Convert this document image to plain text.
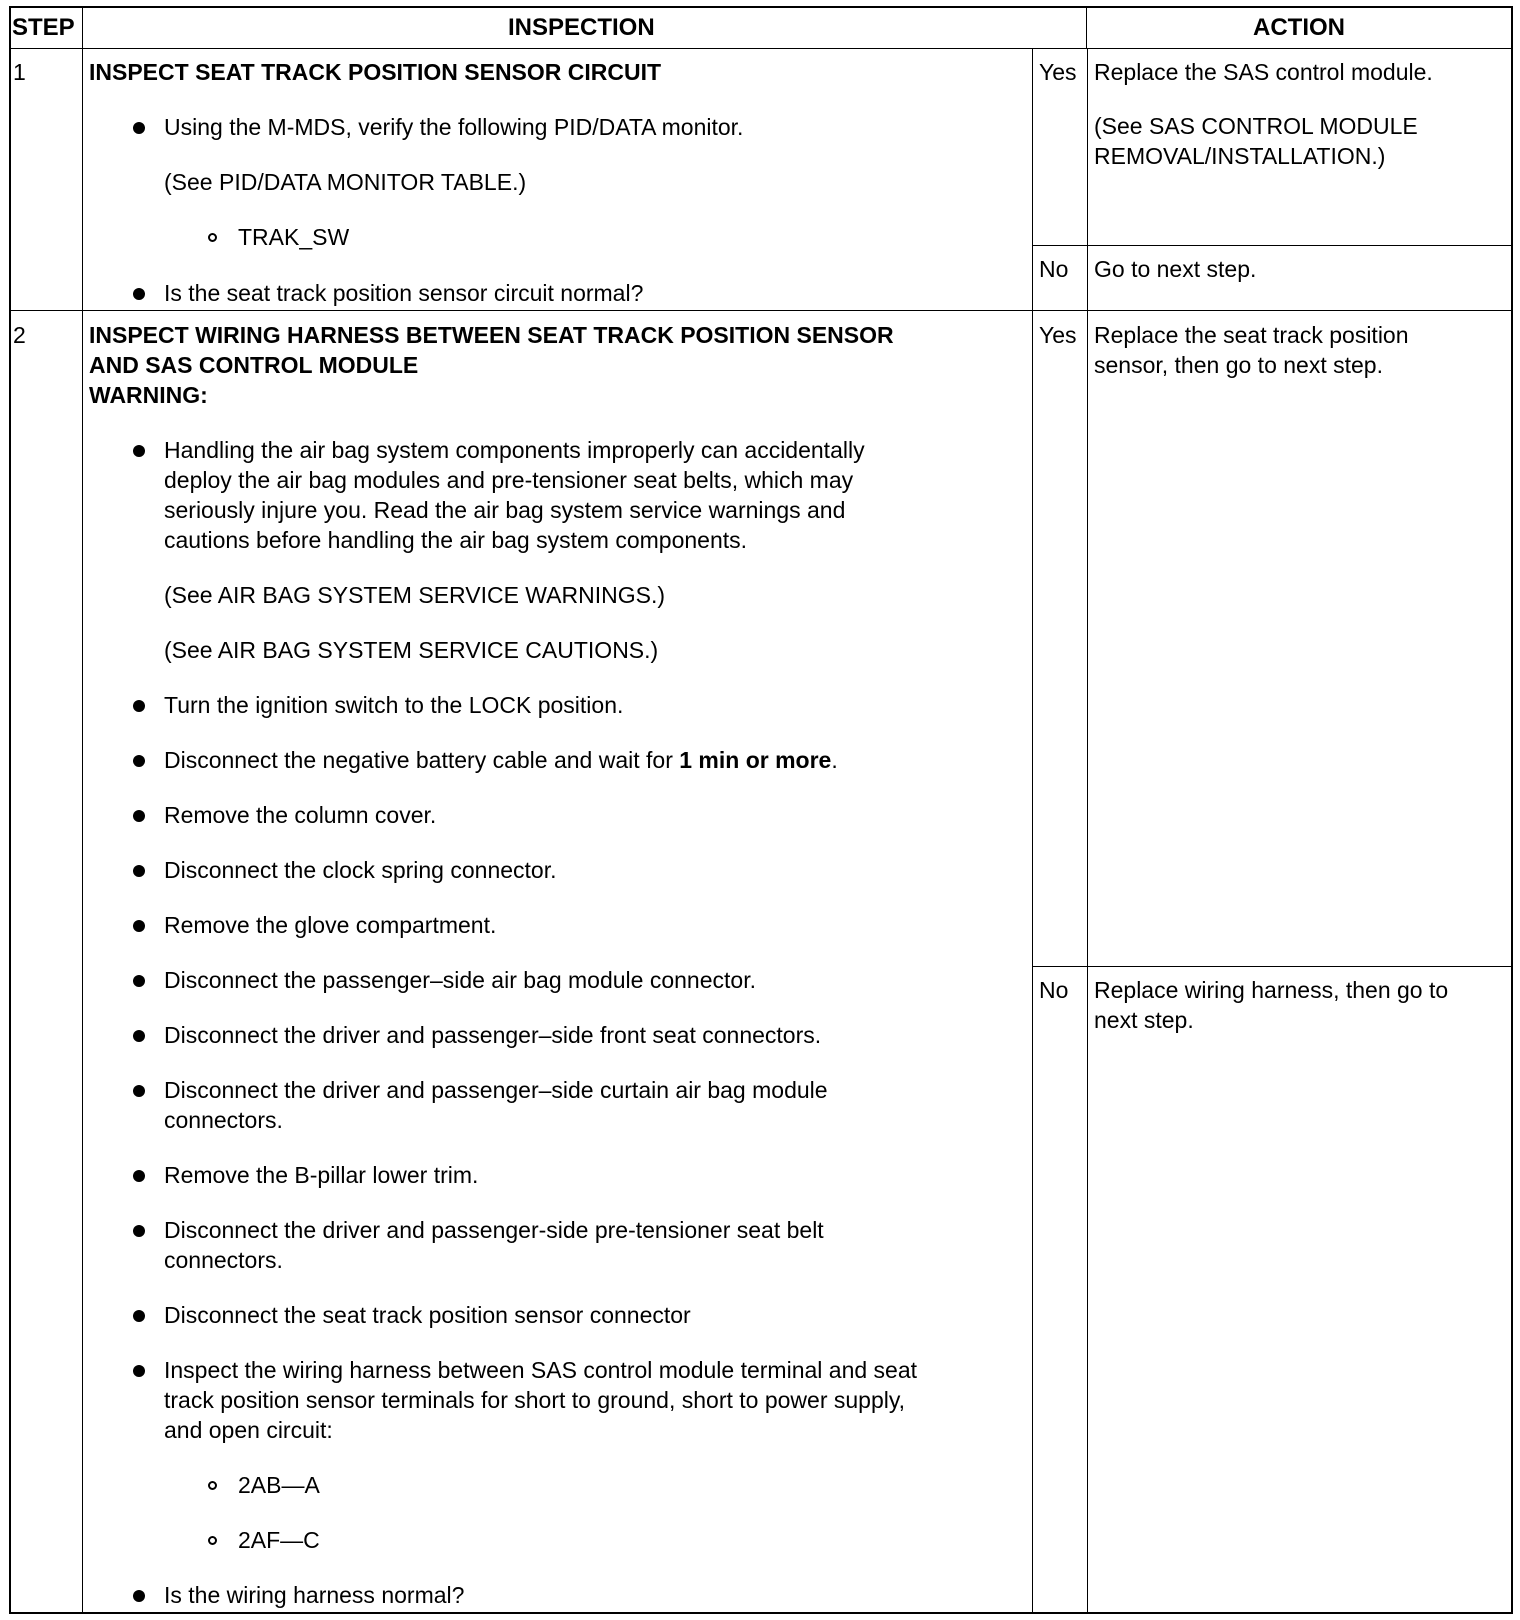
STEP	INSPECTION	ACTION
1	INSPECT SEAT TRACK POSITION SENSOR CIRCUIT
Using the M-MDS, verify the following PID/DATA monitor.
(See PID/DATA MONITOR TABLE.)
TRAK_SW
Is the seat track position sensor circuit normal?
Yes Replace the SAS control module.
(See SAS CONTROL MODULE
REMOVAL/INSTALLATION.)
No Go to next step.
2	INSPECT WIRING HARNESS BETWEEN SEAT TRACK POSITION SENSOR
AND SAS CONTROL MODULE
WARNING:
Handling the air bag system components improperly can accidentally
deploy the air bag modules and pre-tensioner seat belts, which may
seriously injure you. Read the air bag system service warnings and
cautions before handling the air bag system components.
(See AIR BAG SYSTEM SERVICE WARNINGS.)
(See AIR BAG SYSTEM SERVICE CAUTIONS.)
Turn the ignition switch to the LOCK position.
Disconnect the negative battery cable and wait for 1 min or more.
Remove the column cover.
Disconnect the clock spring connector.
Remove the glove compartment.
Disconnect the passenger–side air bag module connector.
Disconnect the driver and passenger–side front seat connectors.
Disconnect the driver and passenger–side curtain air bag module
connectors.
Remove the B-pillar lower trim.
Disconnect the driver and passenger-side pre-tensioner seat belt
connectors.
Disconnect the seat track position sensor connector
Inspect the wiring harness between SAS control module terminal and seat
track position sensor terminals for short to ground, short to power supply,
and open circuit:
2AB—A
2AF—C
Is the wiring harness normal?
Yes Replace the seat track position
sensor, then go to next step.
No Replace wiring harness, then go to
next step.
